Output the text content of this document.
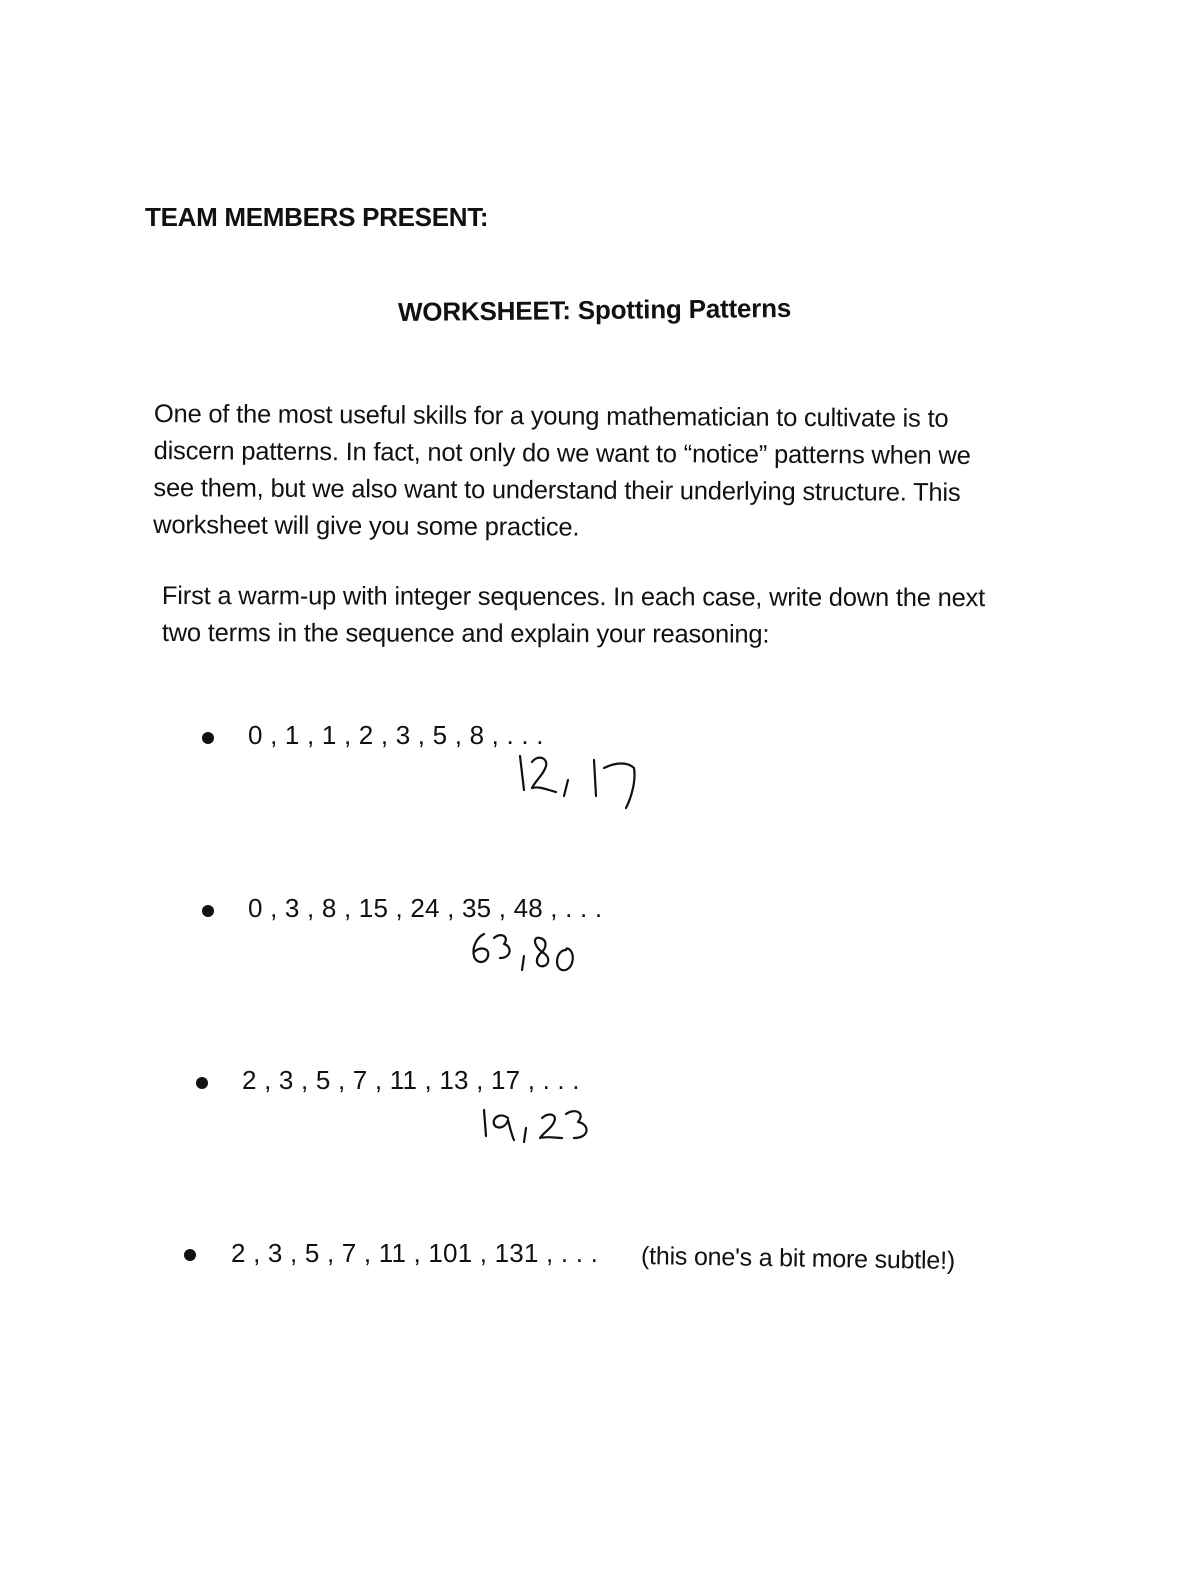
TEAM MEMBERS PRESENT:
WORKSHEET: Spotting Patterns
One of the most useful skills for a young mathematician to cultivate is to
discern patterns. In fact, not only do we want to “notice” patterns when we
see them, but we also want to understand their underlying structure. This
worksheet will give you some practice.
First a warm-up with integer sequences. In each case, write down the next
two terms in the sequence and explain your reasoning:
0 , 1 , 1 , 2 , 3 , 5 , 8 , . . .
0 , 3 , 8 , 15 , 24 , 35 , 48 , . . .
2 , 3 , 5 , 7 , 11 , 13 , 17 , . . .
2 , 3 , 5 , 7 , 11 , 101 , 131 , . . . (this one's a bit more subtle!)
